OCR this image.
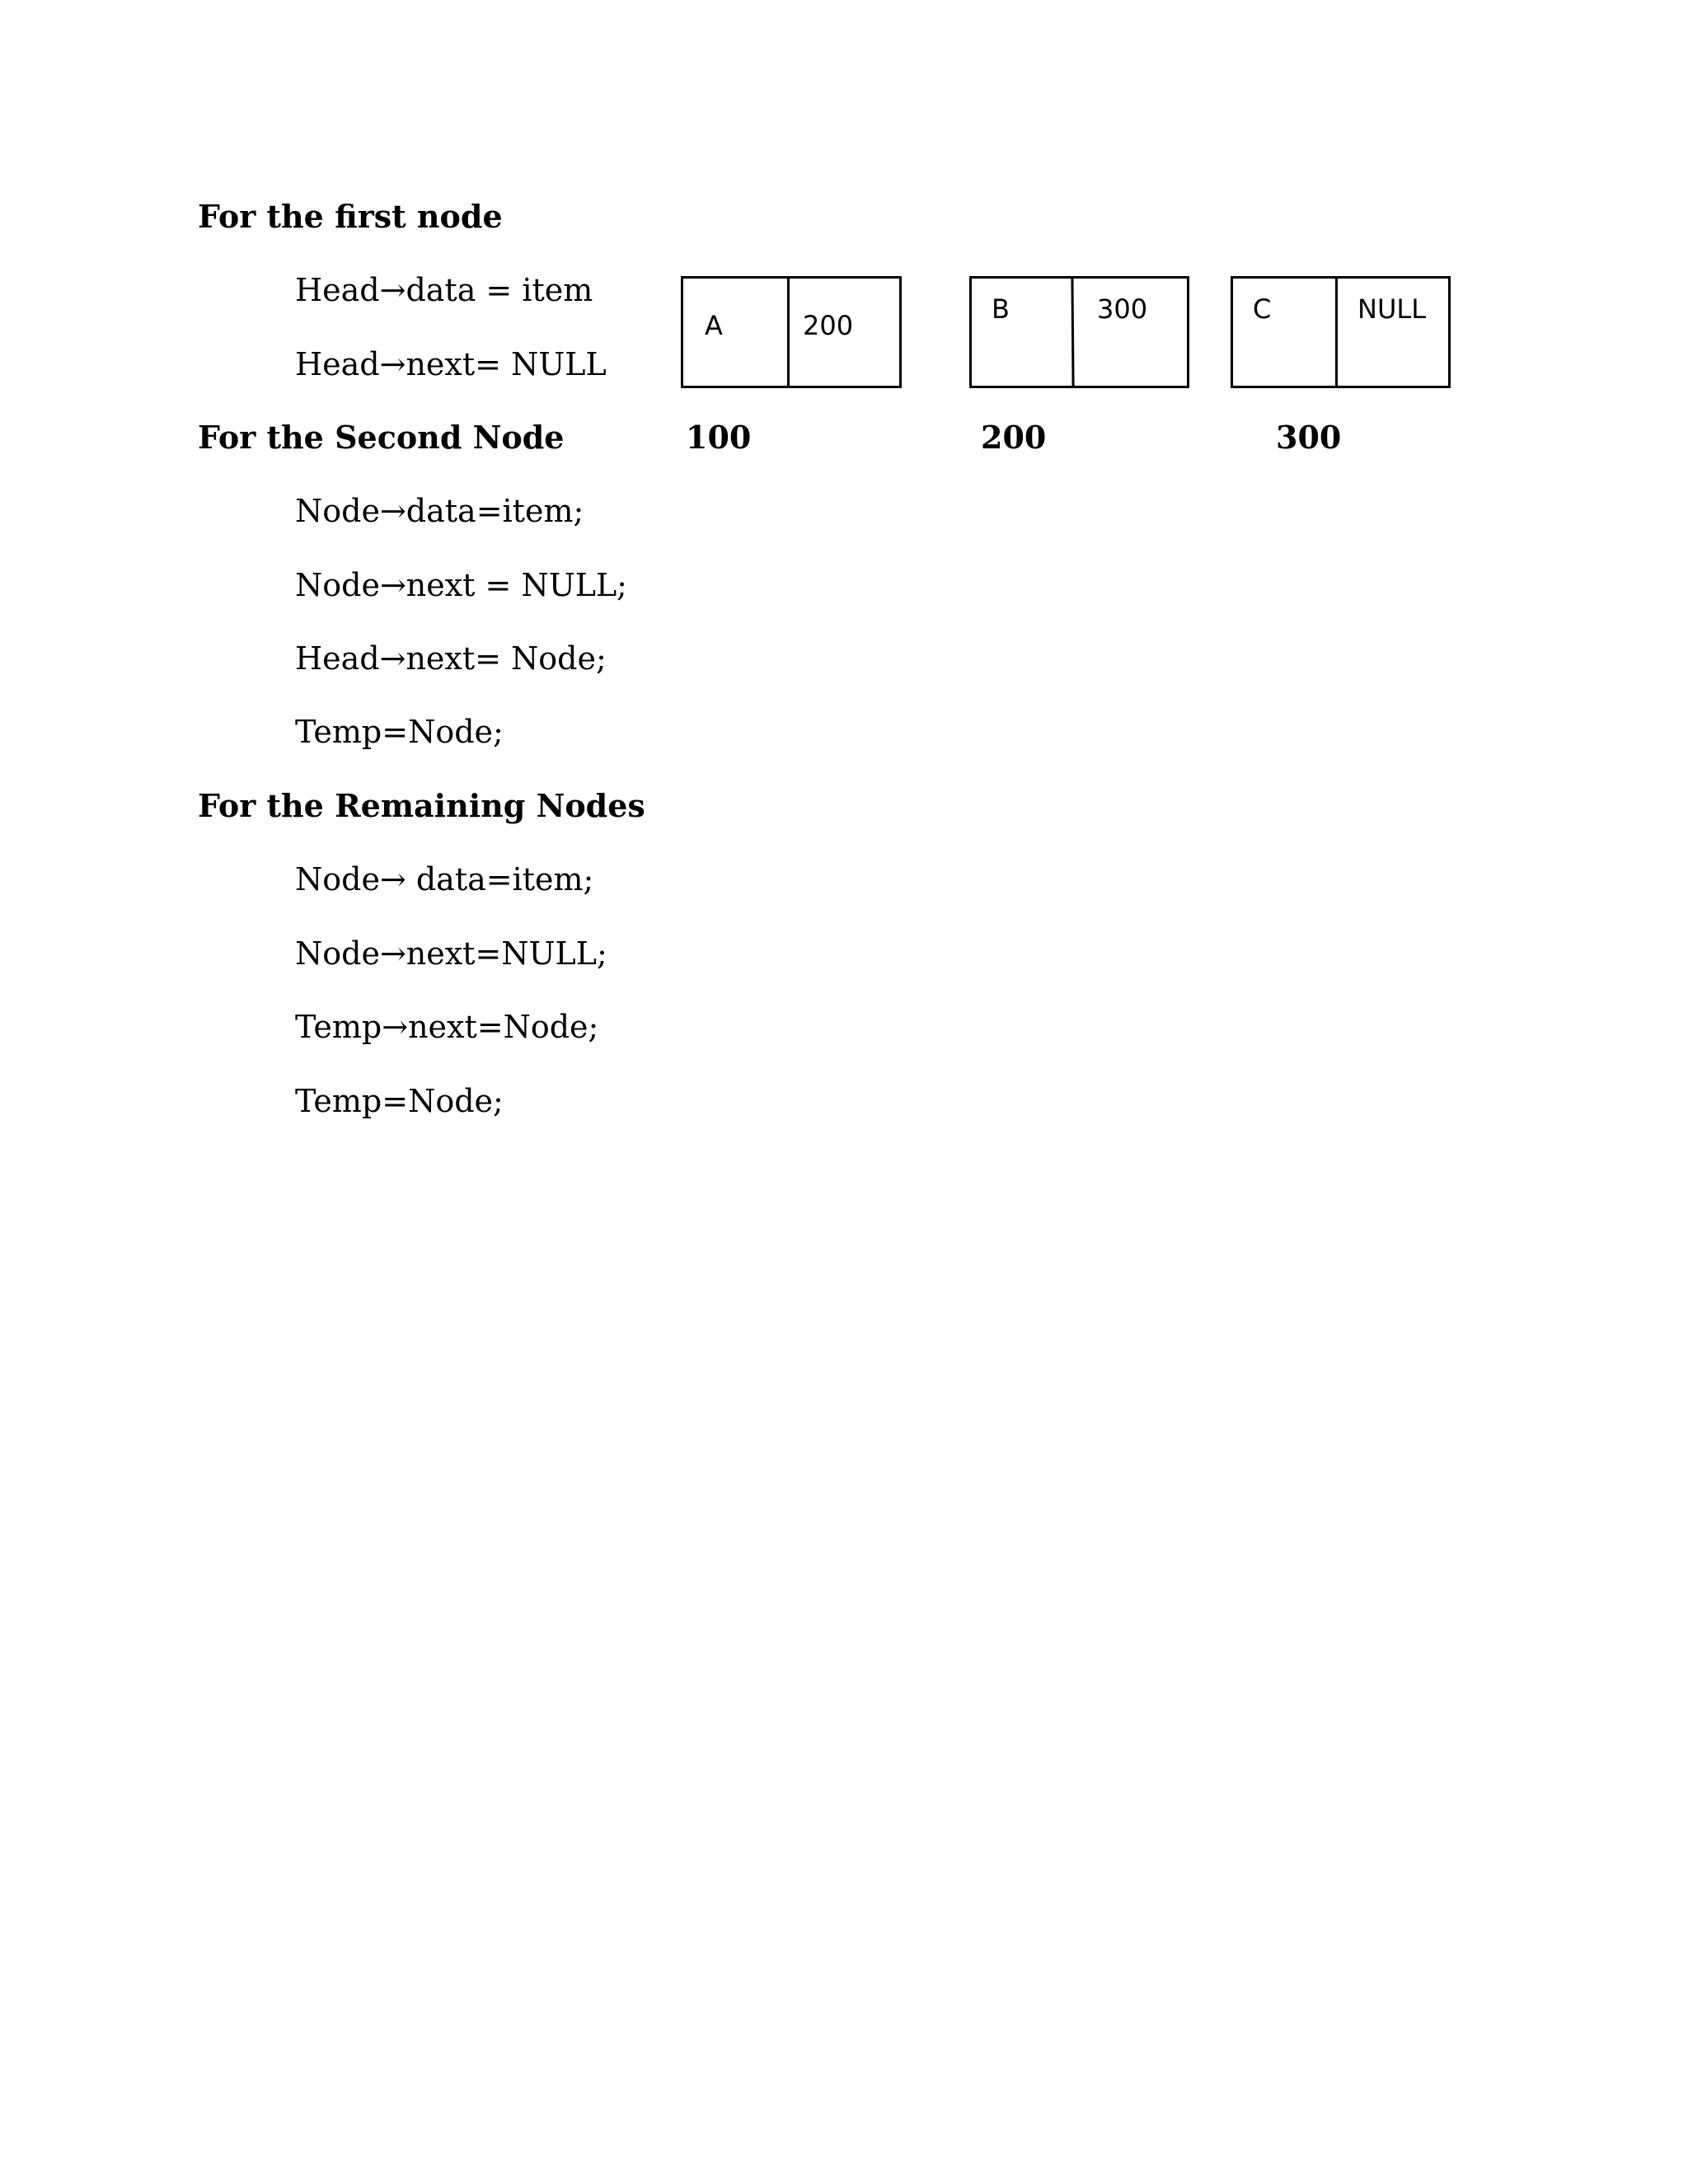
For the first node
Head→data = item
Head→next= NULL
For the Second Node
Node→data=item;
Node→next = NULL;
Head→next= Node;
Temp=Node;
For the Remaining Nodes
Node→ data=item;
Node→next=NULL;
Temp→next=Node;
Temp=Node;
A	200
B	300	C	NULL
100	200	300
